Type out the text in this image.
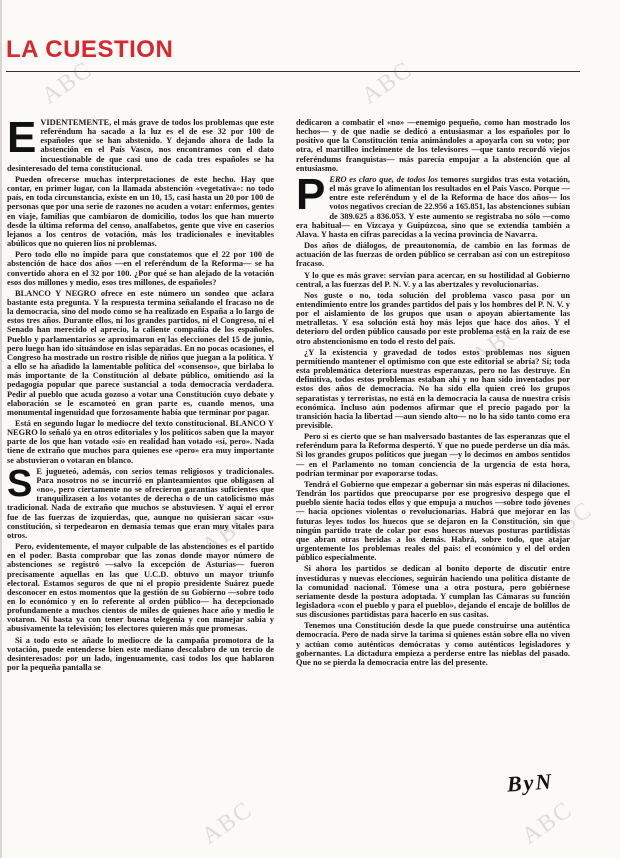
LA CUESTION

EVIDENTEMENTE, el más grave de todos los problemas que este referéndum ha sacado a la luz es el de ese 32 por 100 de españoles que se han abstenido. Y dejando ahora de lado la abstención en el País Vasco, nos encontramos con el dato incuestionable de que casi uno de cada tres españoles se ha desinteresado del tema constitucional.

Pueden ofrecerse muchas interpretaciones de este hecho. Hay que contar, en primer lugar, con la llamada abstención «vegetativa»: no todo país, en toda circunstancia, existe en un 10, 15, casi hasta un 20 por 100 de personas que por una serie de razones no acuden a votar: enfermos, gentes en viaje, familias que cambiaron de domicilio, todos los que han muerto desde la última reforma del censo, analfabetos, gente que vive en caseríos lejanos a los centros de votación, más los tradicionales e inevitables abúlicos que no quieren líos ni problemas.

Pero todo ello no impide para que constatemos que el 22 por 100 de abstención de hace dos años —en el referéndum de la Reforma— se ha convertido ahora en el 32 por 100. ¿Por qué se han alejado de la votación esos dos millones y medio, esos tres millones, de españoles?

BLANCO Y NEGRO ofrece en este número un sondeo que aclara bastante esta pregunta. Y la respuesta termina señalando el fracaso no de la democracia, sino del modo como se ha realizado en España a lo largo de estos tres años. Durante ellos, ni los grandes partidos, ni el Congreso, ni el Senado han merecido el aprecio, la caliente compañía de los españoles. Pueblo y parlamentarios se aproximaron en las elecciones del 15 de junio, pero luego han ido situándose en islas separadas. En no pocas ocasiones, el Congreso ha mostrado un rostro risible de niños que juegan a la política. Y a ello se ha añadido la lamentable política del «consenso», que birlaba lo más importante de la Constitución al debate público, omitiendo así la pedagogía popular que parece sustancial a toda democracia verdadera. Pedir al pueblo que acuda gozoso a votar una Constitución cuyo debate y elaboración se le escamoteó en gran parte es, cuando menos, una monumental ingenuidad que forzosamente había que terminar por pagar.

Está en segundo lugar lo mediocre del texto constitucional. BLANCO Y NEGRO lo señaló ya en otros editoriales y los políticos saben que la mayor parte de los que han votado «sí» en realidad han votado «sí, pero». Nada tiene de extraño que muchos para quienes ese «pero» era muy importante se abstuvieran o votaran en blanco.

S E jugueteó, además, con serios temas religiosos y tradicionales. Para nosotros no se incurrió en planteamientos que obligasen al «no», pero ciertamente no se ofrecieron garantías suficientes que tranquilizasen a los votantes de derecha o de un catolicismo más tradicional. Nada de extraño que muchos se abstuviesen. Y aquí el error fue de las fuerzas de izquierdas, que, aunque no quisieran sacar «su» constitución, si terpedearon en demasía temas que eran muy vitales para otros.

Pero, evidentemente, el mayor culpable de las abstenciones es el partido en el poder. Basta comprobar que las zonas donde mayor número de abstenciones se registró —salvo la excepción de Asturias— fueron precisamente aquellas en las que U.C.D. obtuvo un mayor triunfo electoral. Estamos seguros de que ni el propio presidente Suárez puede desconocer en estos momentos que la gestión de su Gobierno —sobre todo en lo económico y en lo referente al orden público— ha decepcionado profundamente a muchos cientos de miles de quienes hace año y medio le votaron. Ni basta ya con tener buena telegenia y con manejar sabia y abusivamente la televisión; los electores quieren más que promesas.

Si a todo esto se añade lo mediocre de la campaña promotora de la votación, puede entenderse bien este mediano descalabro de un tercio de desinteresados: por un lado, ingenuamente, casi todos los que hablaron por la pequeña pantalla se

dedicaron a combatir el «no» —enemigo pequeño, como han mostrado los hechos— y de que nadie se dedicó a entusiasmar a los españoles por lo positivo que la Constitución tenía animándoles a apoyarla con su voto; por otra, el martilleo incleimente de los televisores —que tanto recordó viejos referéndums franquistas— más parecía empujar a la abstención que al entusiasmo.

PERO es claro que, de todos los temores surgidos tras esta votación, el más grave lo alimentan los resultados en el País Vasco. Porque —entre este referéndum y el de la Reforma de hace dos años— los votos negativos crecían de 22.956 a 165.851, las abstenciones subían de 389.625 a 836.053. Y este aumento se registraba no sólo —como era habitual— en Vizcaya y Guipúzcoa, sino que se extendía también a Alava. Y hasta en cifras parecidas a la vecina provincia de Navarra.

Dos años de diálogos, de preautonomía, de cambio en las formas de actuación de las fuerzas de orden público se cerraban así con un estrepitoso fracaso.

Y lo que es más grave: servían para acercar, en su hostilidad al Gobierno central, a las fuerzas del P. N. V. y a las abertzales y revolucionarias.

Nos guste o no, toda solución del problema vasco pasa por un entendimiento entre los grandes partidos del país y los hombres del P. N. V. y por el aislamiento de los grupos que usan o apoyan abiertamente las metralletas. Y esa solución está hoy más lejos que hace dos años. Y el deterioro del orden público causado por este problema está en la raíz de ese otro abstencionismo en todo el resto del país.

¿Y la existencia y gravedad de todos estos problemas nos siguen permitiendo mantener el optimismo con que este editorial se abría? Sí; toda esta problemática deteriora nuestras esperanzas, pero no las destruye. En definitiva, todos estos problemas estaban ahí y no han sido inventados por estos dos años de democracia. No ha sido ella quien creó los grupos separatistas y terroristas, no está en la democracia la causa de nuestra crisis económica. Incluso aún podemos afirmar que el precio pagado por la transición hacia la libertad —aun siendo alto— no lo ha sido tanto como era previsible.

Pero si es cierto que se han malversado bastantes de las esperanzas que el referéndum para la Reforma despertó. Y que no puede perderse un día más. Si los grandes grupos políticos que juegan —y lo decimos en ambos sentidos— en el Parlamento no toman conciencia de la urgencia de esta hora, podrían terminar por evaporarse todas.

Tendrá el Gobierno que empezar a gobernar sin más esperas ni dilaciones. Tendrán los partidos que preocuparse por ese progresivo despego que el pueblo siente hacia todos ellos y que empuja a muchos —sobre todo jóvenes— hacia opciones violentas o revolucionarias. Habrá que mejorar en las futuras leyes todos los huecos que se dejaron en la Constitución, sin que ningún partido trate de colar por esos huecos nuevas posturas partidistas que abran otras heridas a los demás. Habrá, sobre todo, que atajar urgentemente los problemas reales del país: el económico y el del orden público especialmente.

Si ahora los partidos se dedican al bonito deporte de discutir entre investiduras y nuevas elecciones, seguirán haciendo una política distante de la comunidad nacional. Tómese una a otra postura, pero gobiérnese seriamente desde la postura adoptada. Y cumplan las Cámaras su función legisladora «con el pueblo y para el pueblo», dejando el encaje de bolillos de sus discusiones partidistas para hacerlo en sus casitas.

Tenemos una Constitución desde la que puede construirse una auténtica democracia. Pero de nada sirve la tarima si quienes están sobre ella no viven y actúan como auténticos demócratas y como auténticos legisladores y gobernantes. La dictadura empieza a perderse entre las nieblas del pasado. Que no se pierda la democracia entre las del presente.

ByN
ABC	ABC
ABC	ABC
ABC	ABC
ABC	ABC
